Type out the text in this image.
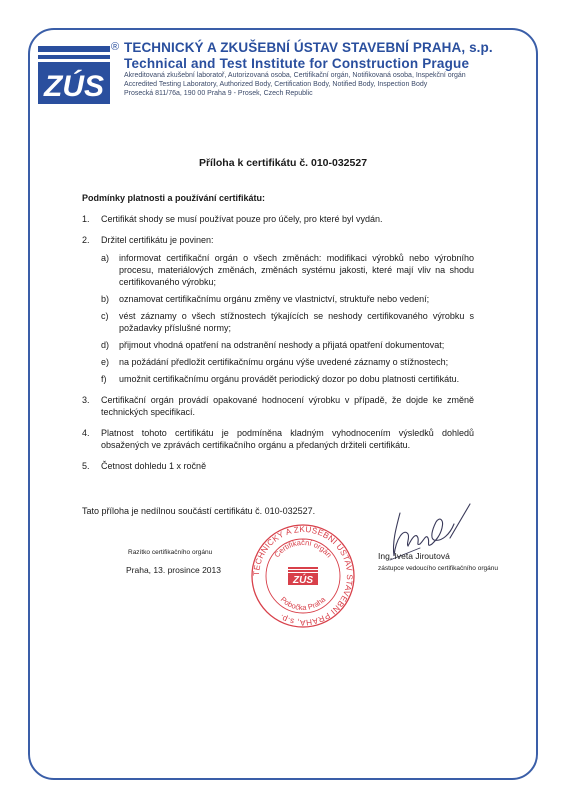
ZÚS
® TECHNICKÝ A ZKUŠEBNÍ ÚSTAV STAVEBNÍ PRAHA, s.p.
Technical and Test Institute for Construction Prague
Akreditovaná zkušební laboratoř, Autorizovaná osoba, Certifikační orgán, Notifikovaná osoba, Inspekční orgán
Accredited Testing Laboratory, Authorized Body, Certification Body, Notified Body, Inspection Body
Prosecká 811/76a, 190 00 Praha 9 - Prosek, Czech Republic
Příloha k certifikátu č. 010-032527
Podmínky platnosti a používání certifikátu:
1. Certifikát shody se musí používat pouze pro účely, pro které byl vydán.
2. Držitel certifikátu je povinen:
a) informovat certifikační orgán o všech změnách: modifikaci výrobků nebo výrobního procesu, materiálových změnách, změnách systému jakosti, které mají vliv na shodu certifikovaného výrobku;
b) oznamovat certifikačnímu orgánu změny ve vlastnictví, struktuře nebo vedení;
c) vést záznamy o všech stížnostech týkajících se neshody certifikovaného výrobku s požadavky příslušné normy;
d) přijmout vhodná opatření na odstranění neshody a přijatá opatření dokumentovat;
e) na požádání předložit certifikačnímu orgánu výše uvedené záznamy o stížnostech;
f) umožnit certifikačnímu orgánu provádět periodický dozor po dobu platnosti certifikátu.
3. Certifikační orgán provádí opakované hodnocení výrobku v případě, že dojde ke změně technických specifikací.
4. Platnost tohoto certifikátu je podmíněna kladným vyhodnocením výsledků dohledů obsažených ve zprávách certifikačního orgánu a předaných držiteli certifikátu.
5. Četnost dohledu 1 x ročně
Tato příloha je nedílnou součástí certifikátu č. 010-032527.
Razítko certifikačního orgánu
Praha, 13. prosince 2013	TECHNICKÝ A ZKUŠEBNÍ ÚSTAV STAVEBNÍ PRAHA, s.p.
Certifikační orgán
Pobočka Praha
ZÚS
Ing. Iveta Jiroutová
zástupce vedoucího certifikačního orgánu
